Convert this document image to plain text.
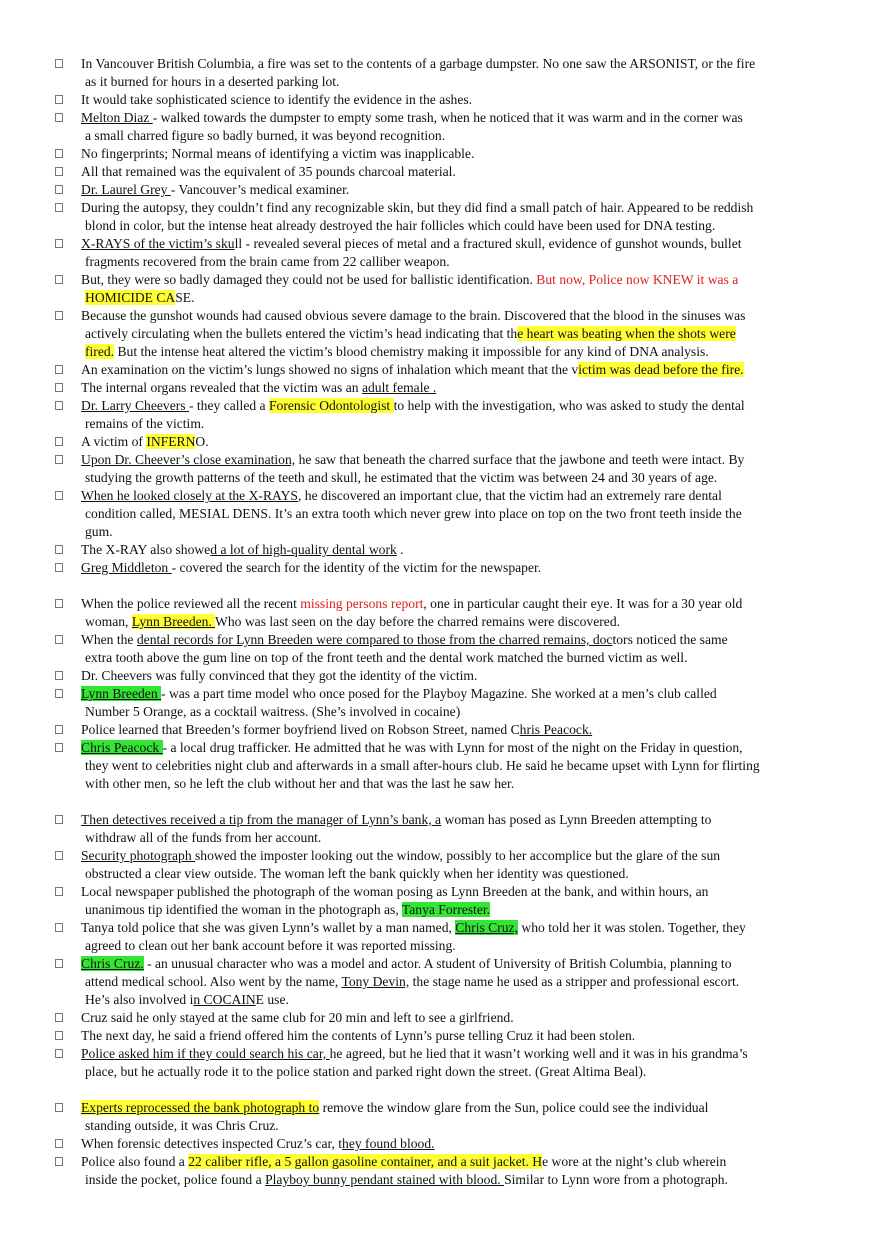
In Vancouver British Columbia, a fire was set to the contents of a garbage dumpster. No one saw the ARSONIST, or the fire

as it burned for hours in a deserted parking lot.

It would take sophisticated science to identify the evidence in the ashes.

Melton Diaz - walked towards the dumpster to empty some trash, when he noticed that it was warm and in the corner was

a small charred figure so badly burned, it was beyond recognition.

No fingerprints; Normal means of identifying a victim was inapplicable.

All that remained was the equivalent of 35 pounds charcoal material.

Dr. Laurel Grey - Vancouver’s medical examiner.

During the autopsy, they couldn’t find any recognizable skin, but they did find a small patch of hair. Appeared to be reddish

blond in color, but the intense heat already destroyed the hair follicles which could have been used for DNA testing.

X-RAYS of the victim’s skull - revealed several pieces of metal and a fractured skull, evidence of gunshot wounds, bullet

fragments recovered from the brain came from 22 calliber weapon.

But, they were so badly damaged they could not be used for ballistic identification. But now, Police now KNEW it was a

HOMICIDE CASE.

Because the gunshot wounds had caused obvious severe damage to the brain. Discovered that the blood in the sinuses was

actively circulating when the bullets entered the victim’s head indicating that the heart was beating when the shots were

fired. But the intense heat altered the victim’s blood chemistry making it impossible for any kind of DNA analysis.

An examination on the victim’s lungs showed no signs of inhalation which meant that the victim was dead before the fire.

The internal organs revealed that the victim was an adult female .

Dr. Larry Cheevers - they called a Forensic Odontologist to help with the investigation, who was asked to study the dental

remains of the victim.

A victim of INFERNO.

Upon Dr. Cheever’s close examination, he saw that beneath the charred surface that the jawbone and teeth were intact. By

studying the growth patterns of the teeth and skull, he estimated that the victim was between 24 and 30 years of age.

When he looked closely at the X-RAYS, he discovered an important clue, that the victim had an extremely rare dental

condition called, MESIAL DENS. It’s an extra tooth which never grew into place on top on the two front teeth inside the

gum.

The X-RAY also showed a lot of high-quality dental work .

Greg Middleton - covered the search for the identity of the victim for the newspaper.

When the police reviewed all the recent missing persons report, one in particular caught their eye. It was for a 30 year old

woman, Lynn Breeden. Who was last seen on the day before the charred remains were discovered.

When the dental records for Lynn Breeden were compared to those from the charred remains, doctors noticed the same

extra tooth above the gum line on top of the front teeth and the dental work matched the burned victim as well.

Dr. Cheevers was fully convinced that they got the identity of the victim.

Lynn Breeden - was a part time model who once posed for the Playboy Magazine. She worked at a men’s club called

Number 5 Orange, as a cocktail waitress. (She’s involved in cocaine)

Police learned that Breeden’s former boyfriend lived on Robson Street, named Chris Peacock.

Chris Peacock - a local drug trafficker. He admitted that he was with Lynn for most of the night on the Friday in question,

they went to celebrities night club and afterwards in a small after-hours club. He said he became upset with Lynn for flirting

with other men, so he left the club without her and that was the last he saw her.

Then detectives received a tip from the manager of Lynn’s bank, a woman has posed as Lynn Breeden attempting to

withdraw all of the funds from her account.

Security photograph showed the imposter looking out the window, possibly to her accomplice but the glare of the sun

obstructed a clear view outside. The woman left the bank quickly when her identity was questioned.

Local newspaper published the photograph of the woman posing as Lynn Breeden at the bank, and within hours, an

unanimous tip identified the woman in the photograph as, Tanya Forrester.

Tanya told police that she was given Lynn’s wallet by a man named, Chris Cruz, who told her it was stolen. Together, they

agreed to clean out her bank account before it was reported missing.

Chris Cruz. - an unusual character who was a model and actor. A student of University of British Columbia, planning to

attend medical school. Also went by the name, Tony Devin, the stage name he used as a stripper and professional escort.

He’s also involved in COCAINE use.

Cruz said he only stayed at the same club for 20 min and left to see a girlfriend.

The next day, he said a friend offered him the contents of Lynn’s purse telling Cruz it had been stolen.

Police asked him if they could search his car, he agreed, but he lied that it wasn’t working well and it was in his grandma’s

place, but he actually rode it to the police station and parked right down the street. (Great Altima Beal).

Experts reprocessed the bank photograph to remove the window glare from the Sun, police could see the individual

standing outside, it was Chris Cruz.

When forensic detectives inspected Cruz’s car, they found blood.

Police also found a 22 caliber rifle, a 5 gallon gasoline container, and a suit jacket. He wore at the night’s club wherein

inside the pocket, police found a Playboy bunny pendant stained with blood. Similar to Lynn wore from a photograph.
